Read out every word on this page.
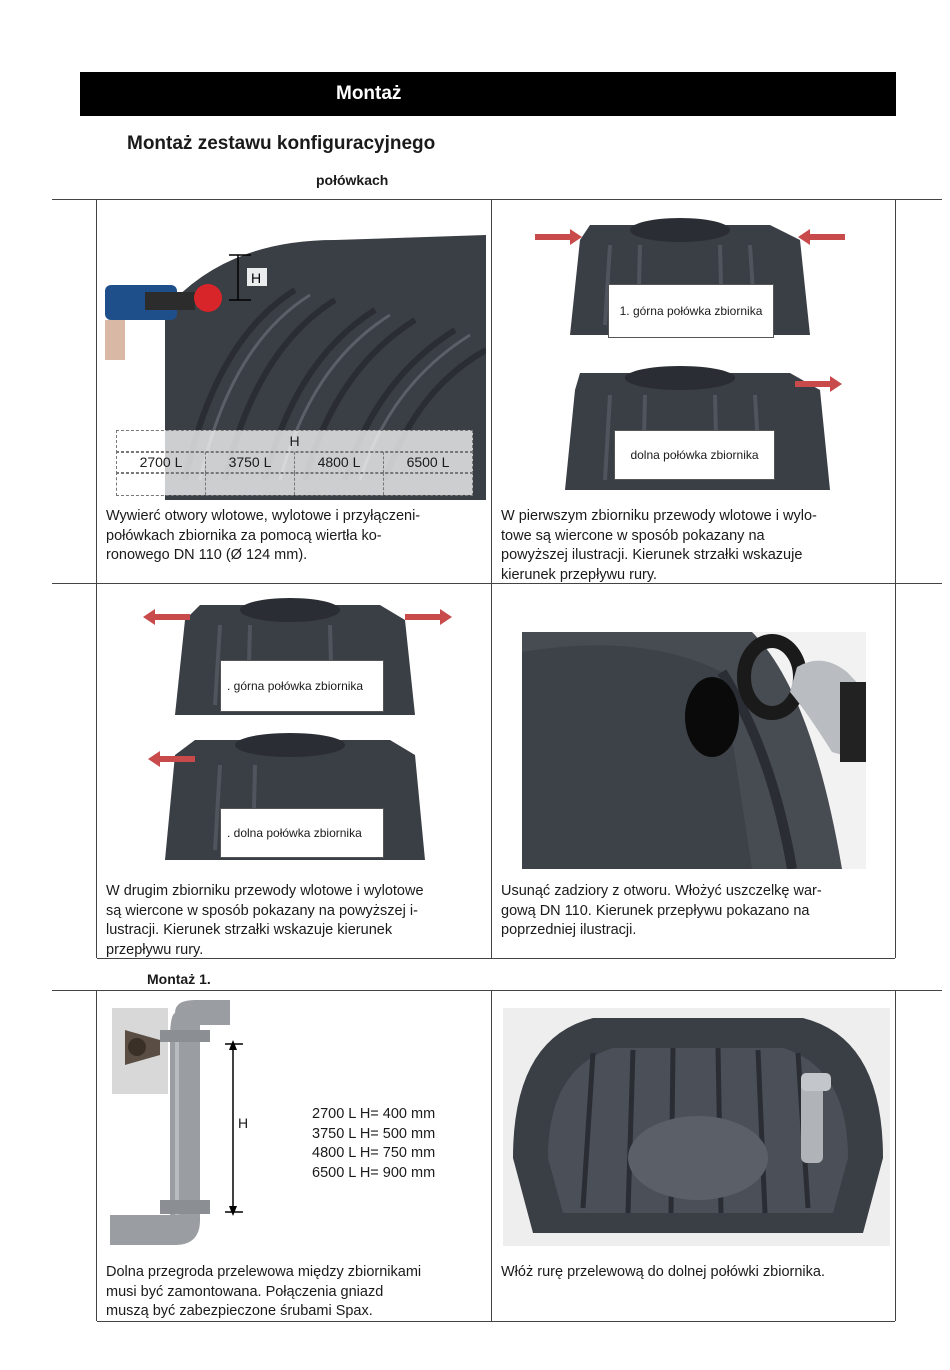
Montaż
Montaż zestawu konfiguracyjnego
połówkach
Montaż 1.
H
H
2700 L	3750 L	4800 L	6500 L
Wywierć otwory wlotowe, wylotowe i przyłączeni-
połówkach zbiornika za pomocą wiertła ko-
ronowego DN 110 (Ø 124 mm).
1. górna połówka zbiornika
dolna połówka zbiornika
W pierwszym zbiorniku przewody wlotowe i wylo-
towe są wiercone w sposób pokazany na
powyższej ilustracji. Kierunek strzałki wskazuje
kierunek przepływu rury.
. górna połówka zbiornika
. dolna połówka zbiornika
W drugim zbiorniku przewody wlotowe i wylotowe
są wiercone w sposób pokazany na powyższej i-
lustracji. Kierunek strzałki wskazuje kierunek
przepływu rury.
Usunąć zadziory z otworu. Włożyć uszczelkę war-
gową DN 110. Kierunek przepływu pokazano na
poprzedniej ilustracji.
H
2700 L H= 400 mm
3750 L H= 500 mm
4800 L H= 750 mm
6500 L H= 900 mm
Dolna przegroda przelewowa między zbiornikami
musi być zamontowana. Połączenia gniazd
muszą być zabezpieczone śrubami Spax.
Włóż rurę przelewową do dolnej połówki zbiornika.
